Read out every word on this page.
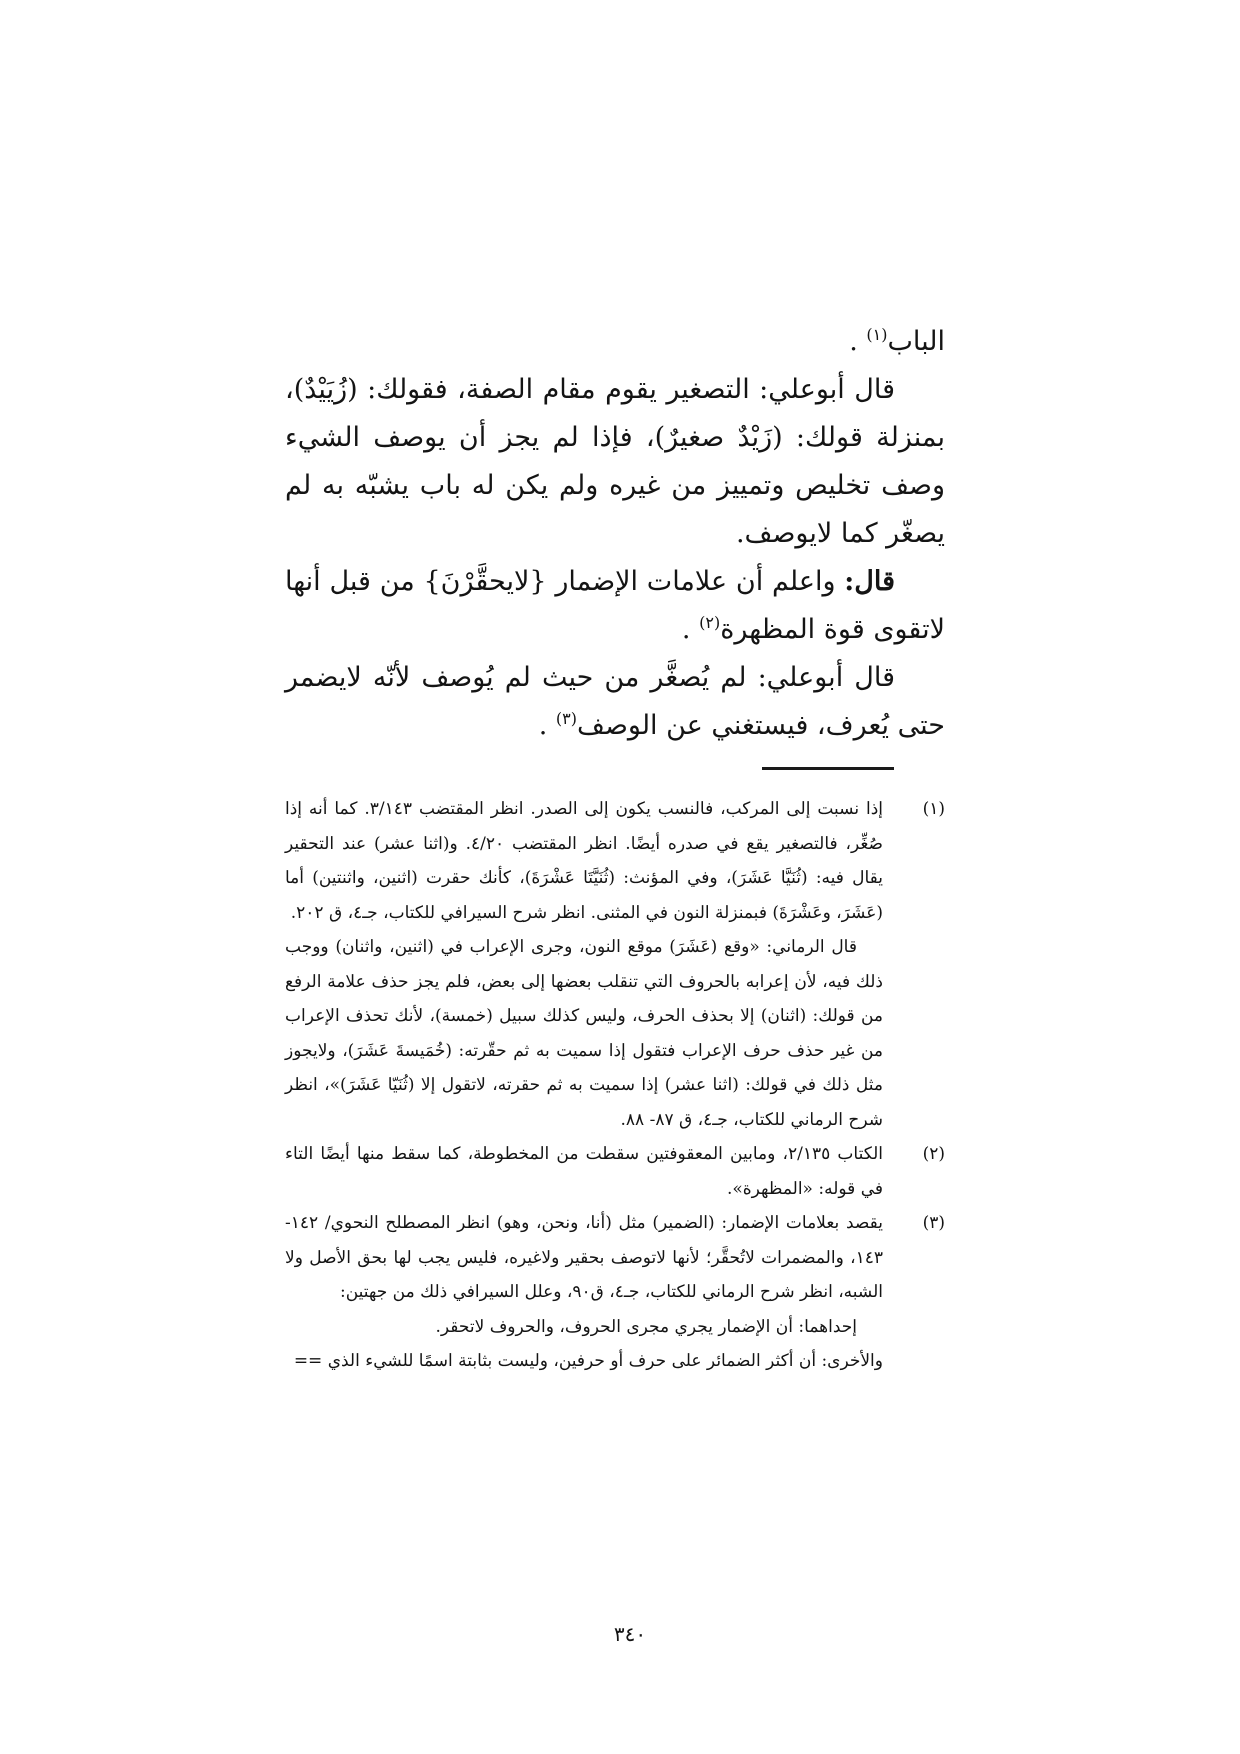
الباب$^{(١)}$ .

قال أبوعلي: التصغير يقوم مقام الصفة، فقولك: (زُيَيْدٌ)، بمنزلة قولك: (زَيْدٌ صغيرٌ)، فإذا لم يجز أن يوصف الشيء وصف تخليص وتمييز من غيره ولم يكن له باب يشبّه به لم يصغّر كما لايوصف.

قال: واعلم أن علامات الإضمار {لايحقَّرْنَ} من قبل أنها لاتقوى قوة المظهرة$^{(٢)}$ .

قال أبوعلي: لم يُصغَّر من حيث لم يُوصف لأنّه لايضمر حتى يُعرف، فيستغني عن الوصف$^{(٣)}$ .

(١)

إذا نسبت إلى المركب، فالنسب يكون إلى الصدر. انظر المقتضب ٣/١٤٣. كما أنه إذا صُغِّر، فالتصغير يقع في صدره أيضًا. انظر المقتضب ٤/٢٠. و(اثنا عشر) عند التحقير يقال فيه: (ثُنَيَّا عَشَرَ)، وفي المؤنث: (ثُنَيَّتَا عَشْرَةَ)، كأنك حقرت (اثنين، واثنتين) أما (عَشَرَ، وعَشْرَةَ) فبمنزلة النون في المثنى. انظر شرح السيرافي للكتاب، جـ٤، ق ٢٠٢.

قال الرماني: «وقع (عَشَرَ) موقع النون، وجرى الإعراب في (اثنين، واثنان) ووجب ذلك فيه، لأن إعرابه بالحروف التي تنقلب بعضها إلى بعض، فلم يجز حذف علامة الرفع من قولك: (اثنان) إلا بحذف الحرف، وليس كذلك سبيل (خمسة)، لأنك تحذف الإعراب من غير حذف حرف الإعراب فتقول إذا سميت به ثم حقّرته: (خُمَيسةَ عَشَرَ)، ولايجوز مثل ذلك في قولك: (اثنا عشر) إذا سميت به ثم حقرته، لاتقول إلا (ثُنَيّا عَشَرَ)»، انظر شرح الرماني للكتاب، جـ٤، ق ٨٧- ٨٨.

(٢)

الكتاب ٢/١٣٥، ومابين المعقوفتين سقطت من المخطوطة، كما سقط منها أيضًا التاء في قوله: «المظهرة».

(٣)

يقصد بعلامات الإضمار: (الضمير) مثل (أنا، ونحن، وهو) انظر المصطلح النحوي/ ١٤٢- ١٤٣، والمضمرات لاتُحقَّر؛ لأنها لاتوصف بحقير ولاغيره، فليس يجب لها بحق الأصل ولا الشبه، انظر شرح الرماني للكتاب، جـ٤، ق٩٠، وعلل السيرافي ذلك من جهتين:

إحداهما: أن الإضمار يجري مجرى الحروف، والحروف لاتحقر.

والأخرى: أن أكثر الضمائر على حرف أو حرفين، وليست بثابتة اسمًا للشيء الذي ==

٣٤٠
